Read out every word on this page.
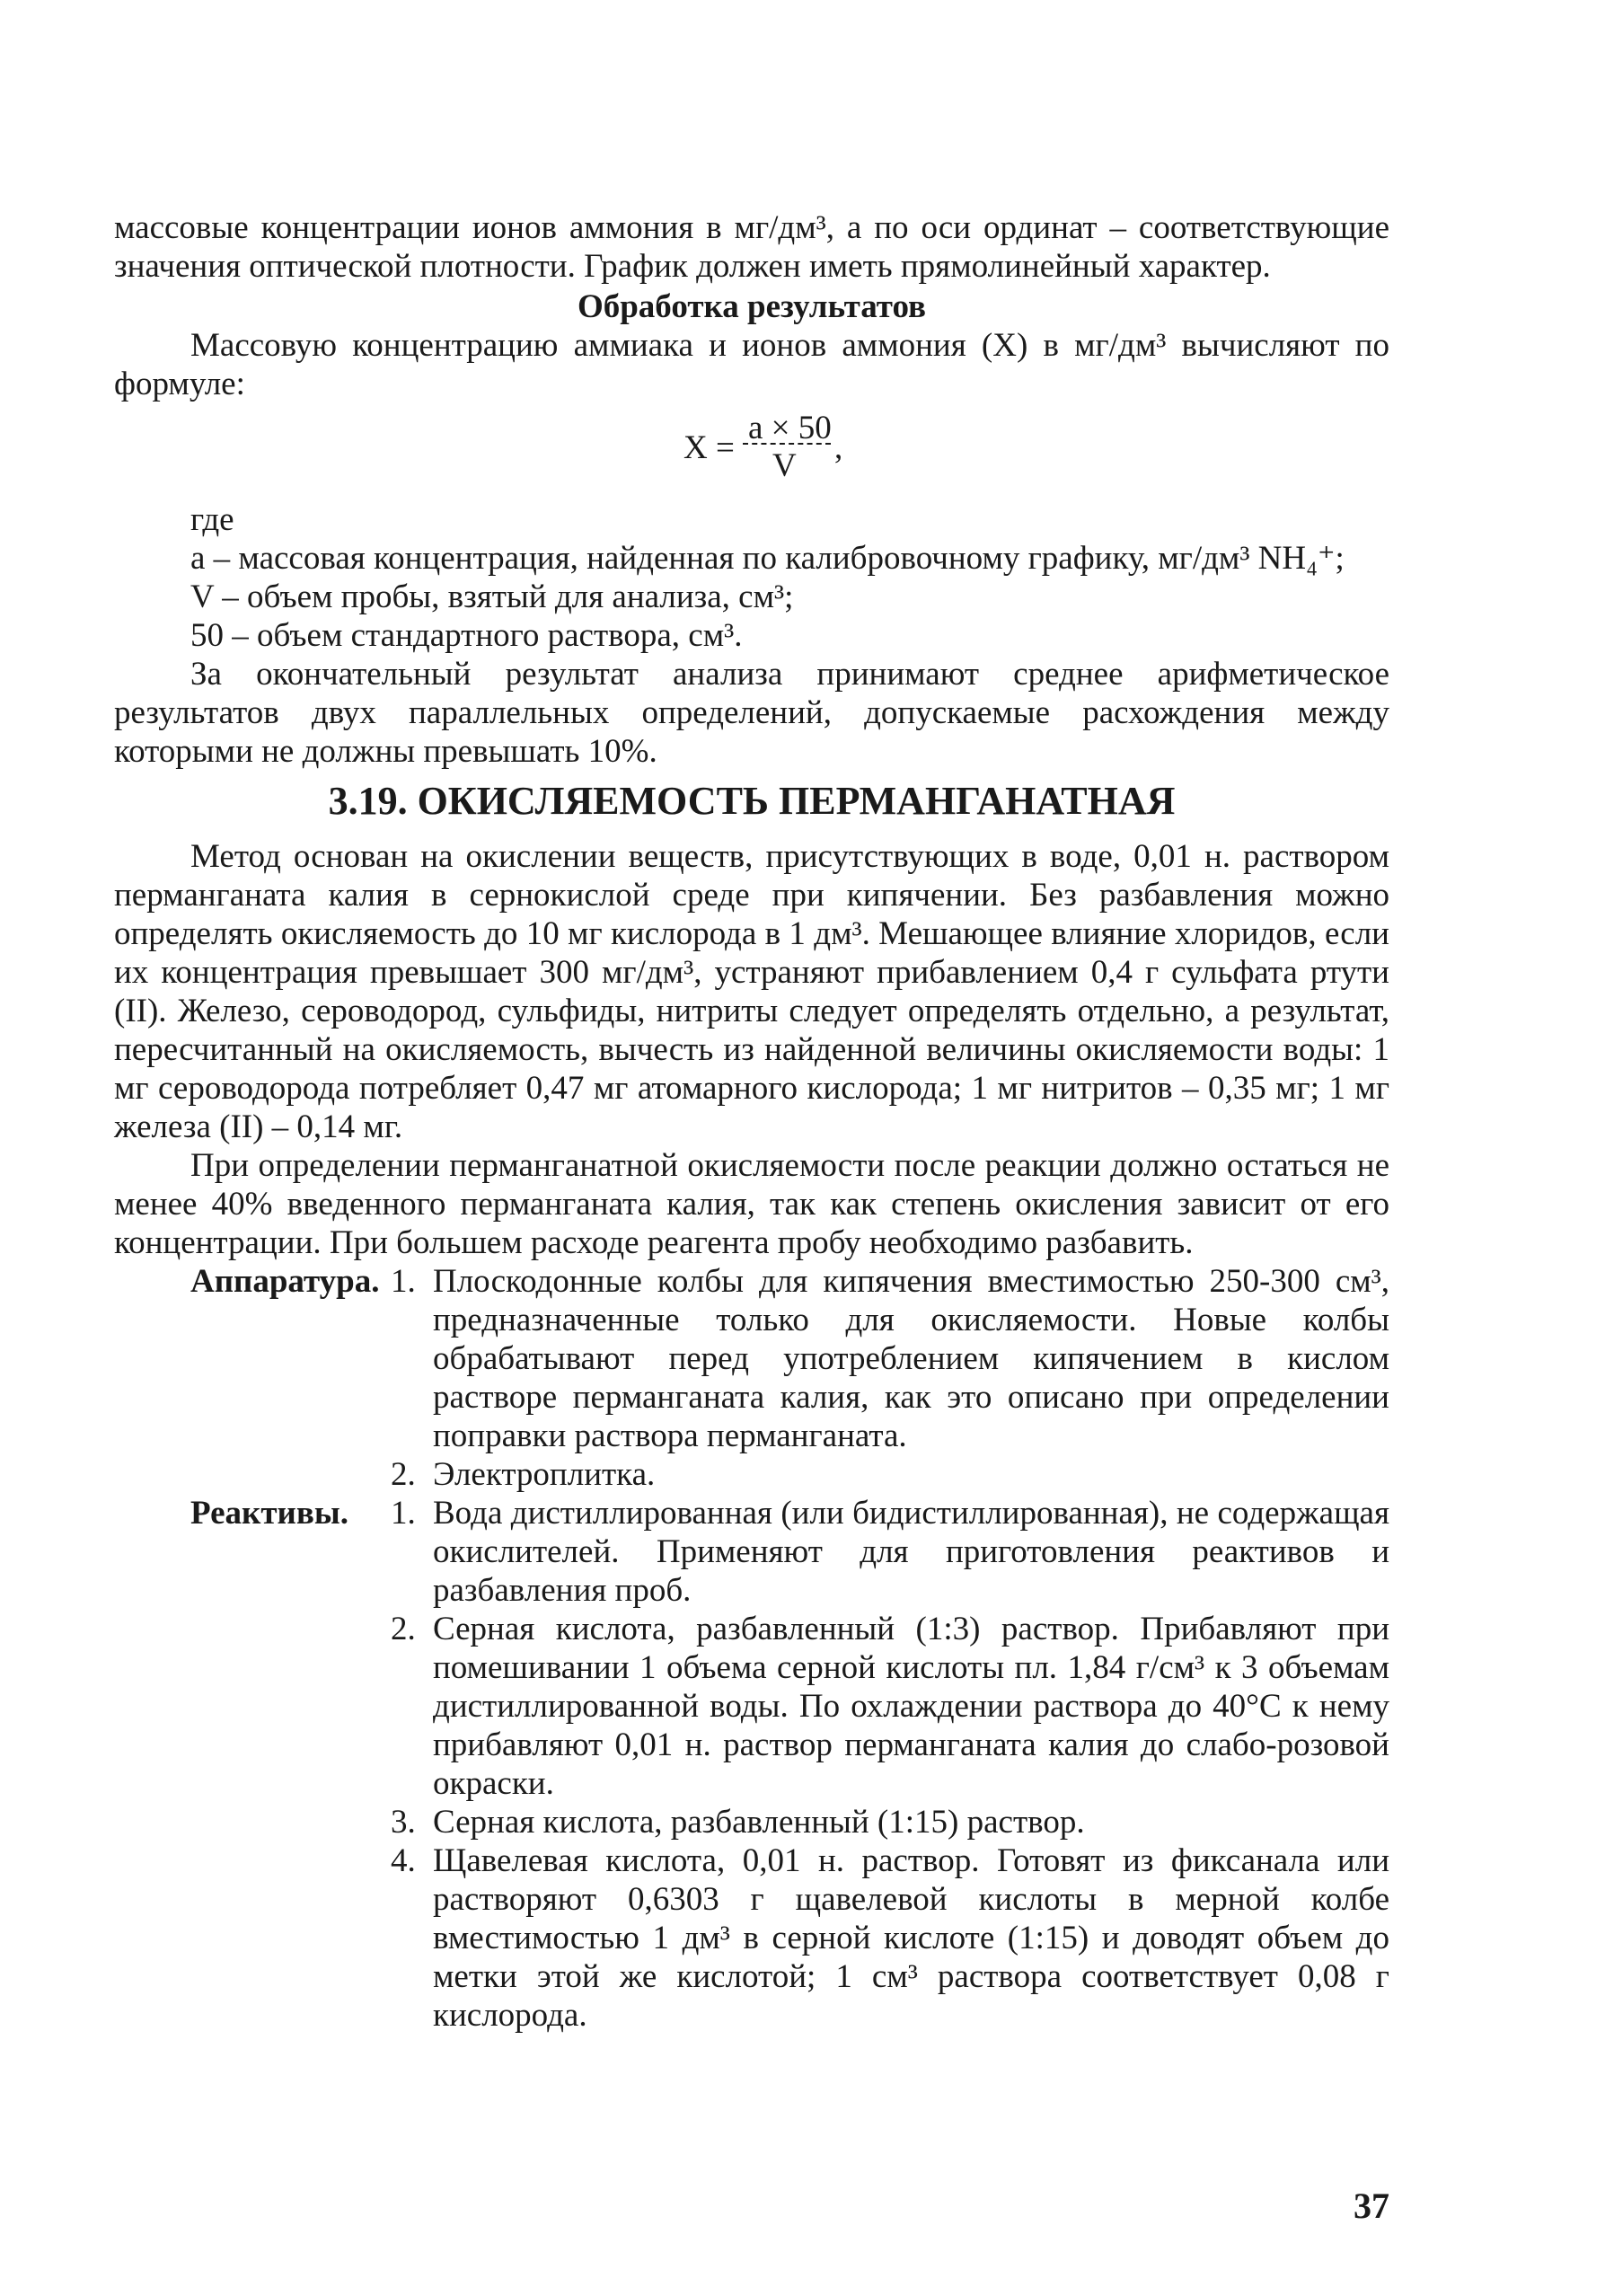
массовые концентрации ионов аммония в мг/дм³, а по оси ординат – соответствующие значения оптической плотности. График должен иметь прямолинейный характер.

Обработка результатов

Массовую концентрацию аммиака и ионов аммония (Х) в мг/дм³ вычисляют по формуле:

X =
a × 50
V ,

где

а – массовая концентрация, найденная по калибровочному графику, мг/дм³ NH₄⁺;

V – объем пробы, взятый для анализа, см³;

50 – объем стандартного раствора, см³.

За окончательный результат анализа принимают среднее арифметическое результатов двух параллельных определений, допускаемые расхождения между которыми не должны превышать 10%.

3.19. ОКИСЛЯЕМОСТЬ ПЕРМАНГАНАТНАЯ

Метод основан на окислении веществ, присутствующих в воде, 0,01 н. раствором перманганата калия в сернокислой среде при кипячении. Без разбавления можно определять окисляемость до 10 мг кислорода в 1 дм³. Мешающее влияние хлоридов, если их концентрация превышает 300 мг/дм³, устраняют прибавлением 0,4 г сульфата ртути (II). Железо, сероводород, сульфиды, нитриты следует определять отдельно, а результат, пересчитанный на окисляемость, вычесть из найденной величины окисляемости воды: 1 мг сероводорода потребляет 0,47 мг атомарного кислорода; 1 мг нитритов – 0,35 мг; 1 мг железа (II) – 0,14 мг.

При определении перманганатной окисляемости после реакции должно остаться не менее 40% введенного перманганата калия, так как степень окисления зависит от его концентрации. При большем расходе реагента пробу необходимо разбавить.

Аппаратура. 1. Плоскодонные колбы для кипячения вместимостью 250-300 см³, предназначенные только для окисляемости. Новые колбы обрабатывают перед употреблением кипячением в кислом растворе перманганата калия, как это описано при определении поправки раствора перманганата.
2. Электроплитка.
Реактивы.	1. Вода дистиллированная (или бидистиллированная), не содержащая окислителей. Применяют для приготовления реактивов и разбавления проб.
2. Серная кислота, разбавленный (1:3) раствор. Прибавляют при помешивании 1 объема серной кислоты пл. 1,84 г/см³ к 3 объемам дистиллированной воды. По охлаждении раствора до 40°С к нему прибавляют 0,01 н. раствор перманганата калия до слабо-розовой окраски.
3. Серная кислота, разбавленный (1:15) раствор.
4. Щавелевая кислота, 0,01 н. раствор. Готовят из фиксанала или растворяют 0,6303 г щавелевой кислоты в мерной колбе вместимостью 1 дм³ в серной кислоте (1:15) и доводят объем до метки этой же кислотой; 1 см³ раствора соответствует 0,08 г кислорода.
37
